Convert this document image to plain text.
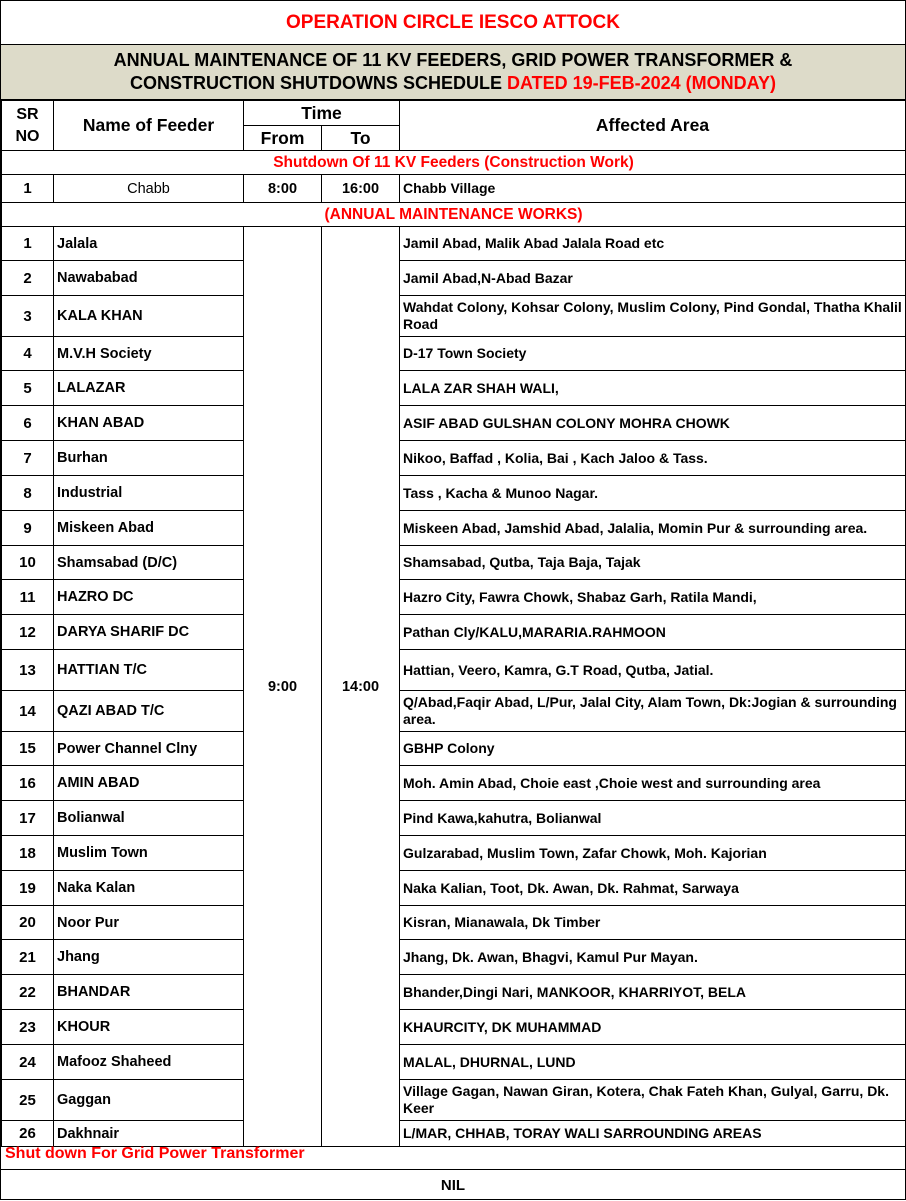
OPERATION CIRCLE IESCO ATTOCK
ANNUAL MAINTENANCE OF 11 KV FEEDERS, GRID POWER TRANSFORMER &
CONSTRUCTION SHUTDOWNS SCHEDULE DATED 19-FEB-2024 (MONDAY)
SR
NO	Name of Feeder	Time		Affected Area
		From	To	
Shutdown Of 11 KV Feeders (Construction Work)				
1	Chabb	8:00	16:00	Chabb Village
(ANNUAL MAINTENANCE WORKS)				
1	Jalala	9:00	14:00	Jamil Abad, Malik Abad Jalala Road etc
2	Nawababad			Jamil Abad,N-Abad Bazar
3	KALA KHAN			Wahdat Colony, Kohsar Colony, Muslim Colony, Pind Gondal, Thatha Khalil Road
4	M.V.H Society			D-17 Town Society
5	LALAZAR			LALA ZAR SHAH WALI,
6	KHAN ABAD			ASIF ABAD GULSHAN COLONY MOHRA CHOWK
7	Burhan			Nikoo, Baffad , Kolia, Bai , Kach Jaloo & Tass.
8	Industrial			Tass , Kacha & Munoo Nagar.
9	Miskeen Abad			Miskeen Abad, Jamshid Abad, Jalalia, Momin Pur & surrounding area.
10	Shamsabad (D/C)			Shamsabad, Qutba, Taja Baja, Tajak
11	HAZRO DC			Hazro City, Fawra Chowk, Shabaz Garh, Ratila Mandi,
12	DARYA SHARIF DC			Pathan Cly/KALU,MARARIA.RAHMOON
13	HATTIAN T/C			Hattian, Veero, Kamra, G.T Road, Qutba, Jatial.
14	QAZI ABAD T/C			Q/Abad,Faqir Abad, L/Pur, Jalal City, Alam Town, Dk:Jogian & surrounding area.
15	Power Channel Clny			GBHP Colony
16	AMIN ABAD			Moh. Amin Abad, Choie east ,Choie west and surrounding area
17	Bolianwal			Pind Kawa,kahutra, Bolianwal
18	Muslim Town			Gulzarabad, Muslim Town, Zafar Chowk, Moh. Kajorian
19	Naka Kalan			Naka Kalian, Toot, Dk. Awan, Dk. Rahmat, Sarwaya
20	Noor Pur			Kisran, Mianawala, Dk Timber
21	Jhang			Jhang, Dk. Awan, Bhagvi, Kamul Pur Mayan.
22	BHANDAR			Bhander,Dingi Nari, MANKOOR, KHARRIYOT, BELA
23	KHOUR			KHAURCITY, DK MUHAMMAD
24	Mafooz Shaheed			MALAL, DHURNAL, LUND
25	Gaggan			Village Gagan, Nawan Giran, Kotera, Chak Fateh Khan, Gulyal, Garru, Dk. Keer
26	Dakhnair			L/MAR, CHHAB, TORAY WALI SARROUNDING AREAS
Shut down For Grid Power Transformer
NIL
